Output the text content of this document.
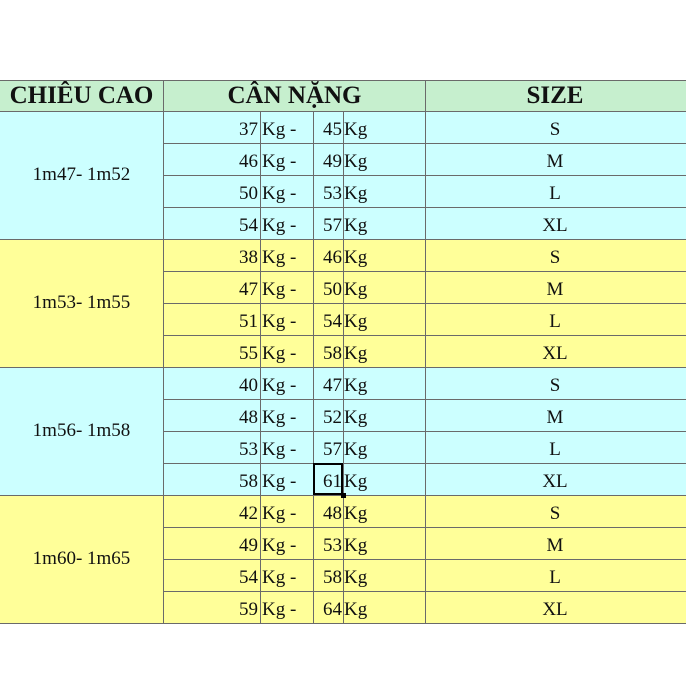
CHIÊU CAO	CÂN NẶNG	SIZE
1m47- 1m52
37 Kg -	45 Kg	S
46 Kg -	49 Kg	M
50 Kg -	53 Kg	L
54 Kg -	57 Kg	XL
1m53- 1m55
38 Kg -	46 Kg	S
47 Kg -	50 Kg	M
51 Kg -	54 Kg	L
55 Kg -	58 Kg	XL
1m56- 1m58
40 Kg -	47 Kg	S
48 Kg -	52 Kg	M
53 Kg -	57 Kg	L
58 Kg -	61 Kg	XL
1m60- 1m65
42 Kg -	48 Kg	S
49 Kg -	53 Kg	M
54 Kg -	58 Kg	L
59 Kg -	64 Kg	XL
